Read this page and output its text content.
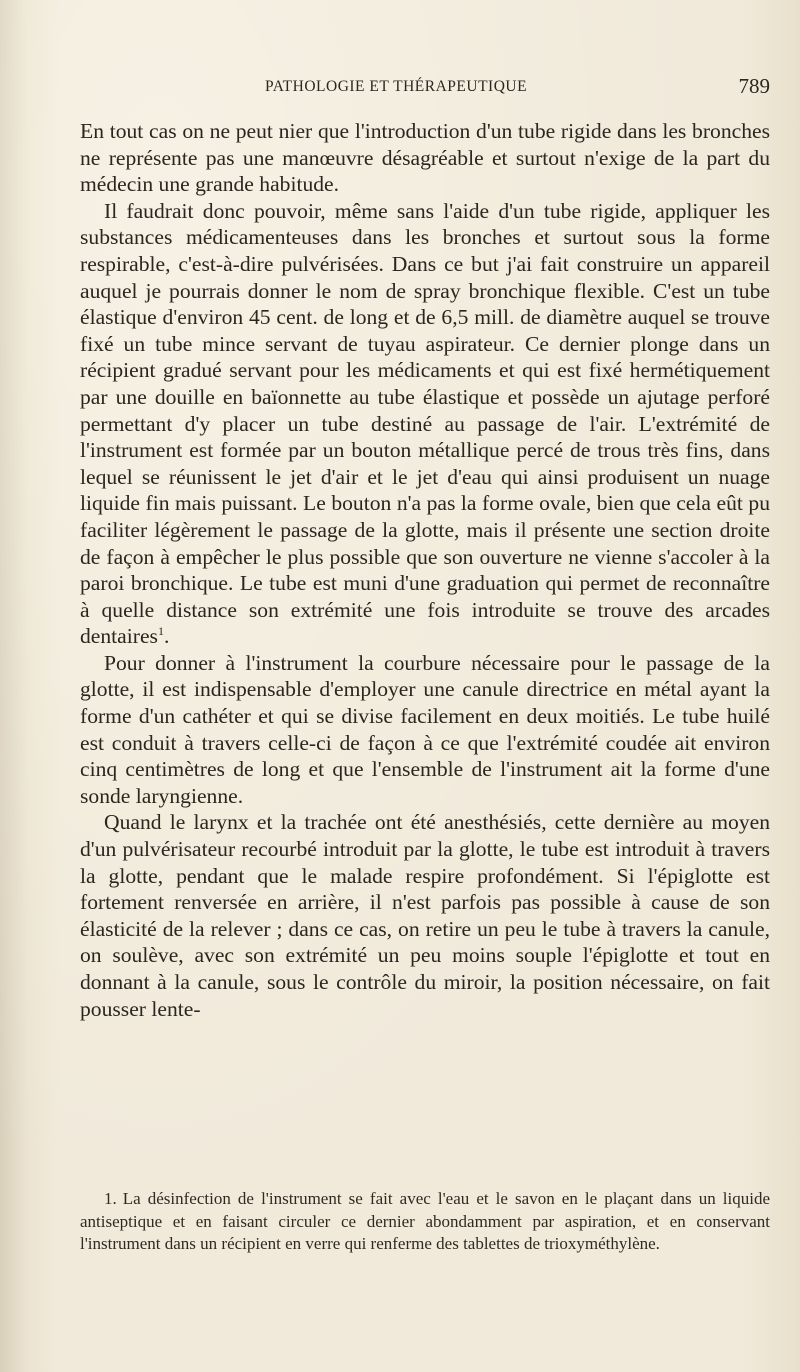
PATHOLOGIE ET THÉRAPEUTIQUE	789

En tout cas on ne peut nier que l'introduction d'un tube rigide dans les bronches ne représente pas une manœuvre désagréable et surtout n'exige de la part du médecin une grande habitude.

Il faudrait donc pouvoir, même sans l'aide d'un tube rigide, appliquer les substances médicamenteuses dans les bronches et surtout sous la forme respirable, c'est-à-dire pulvérisées. Dans ce but j'ai fait construire un appareil auquel je pourrais donner le nom de spray bronchique flexible. C'est un tube élastique d'environ 45 cent. de long et de 6,5 mill. de diamètre auquel se trouve fixé un tube mince servant de tuyau aspirateur. Ce dernier plonge dans un récipient gradué servant pour les médicaments et qui est fixé hermétiquement par une douille en baïonnette au tube élastique et possède un ajutage perforé permettant d'y placer un tube destiné au passage de l'air. L'extrémité de l'instrument est formée par un bouton métallique percé de trous très fins, dans lequel se réunissent le jet d'air et le jet d'eau qui ainsi produisent un nuage liquide fin mais puissant. Le bouton n'a pas la forme ovale, bien que cela eût pu faciliter légèrement le passage de la glotte, mais il présente une section droite de façon à empêcher le plus possible que son ouverture ne vienne s'accoler à la paroi bronchique. Le tube est muni d'une graduation qui permet de reconnaître à quelle distance son extrémité une fois introduite se trouve des arcades dentaires$^1$.

Pour donner à l'instrument la courbure nécessaire pour le passage de la glotte, il est indispensable d'employer une canule directrice en métal ayant la forme d'un cathéter et qui se divise facilement en deux moitiés. Le tube huilé est conduit à travers celle-ci de façon à ce que l'extrémité coudée ait environ cinq centimètres de long et que l'ensemble de l'instrument ait la forme d'une sonde laryngienne.

Quand le larynx et la trachée ont été anesthésiés, cette dernière au moyen d'un pulvérisateur recourbé introduit par la glotte, le tube est introduit à travers la glotte, pendant que le malade respire profondément. Si l'épiglotte est fortement renversée en arrière, il n'est parfois pas possible à cause de son élasticité de la relever ; dans ce cas, on retire un peu le tube à travers la canule, on soulève, avec son extrémité un peu moins souple l'épiglotte et tout en donnant à la canule, sous le contrôle du miroir, la position nécessaire, on fait pousser lente-

1. La désinfection de l'instrument se fait avec l'eau et le savon en le plaçant dans un liquide antiseptique et en faisant circuler ce dernier abondamment par aspiration, et en conservant l'instrument dans un récipient en verre qui renferme des tablettes de trioxyméthylène.
